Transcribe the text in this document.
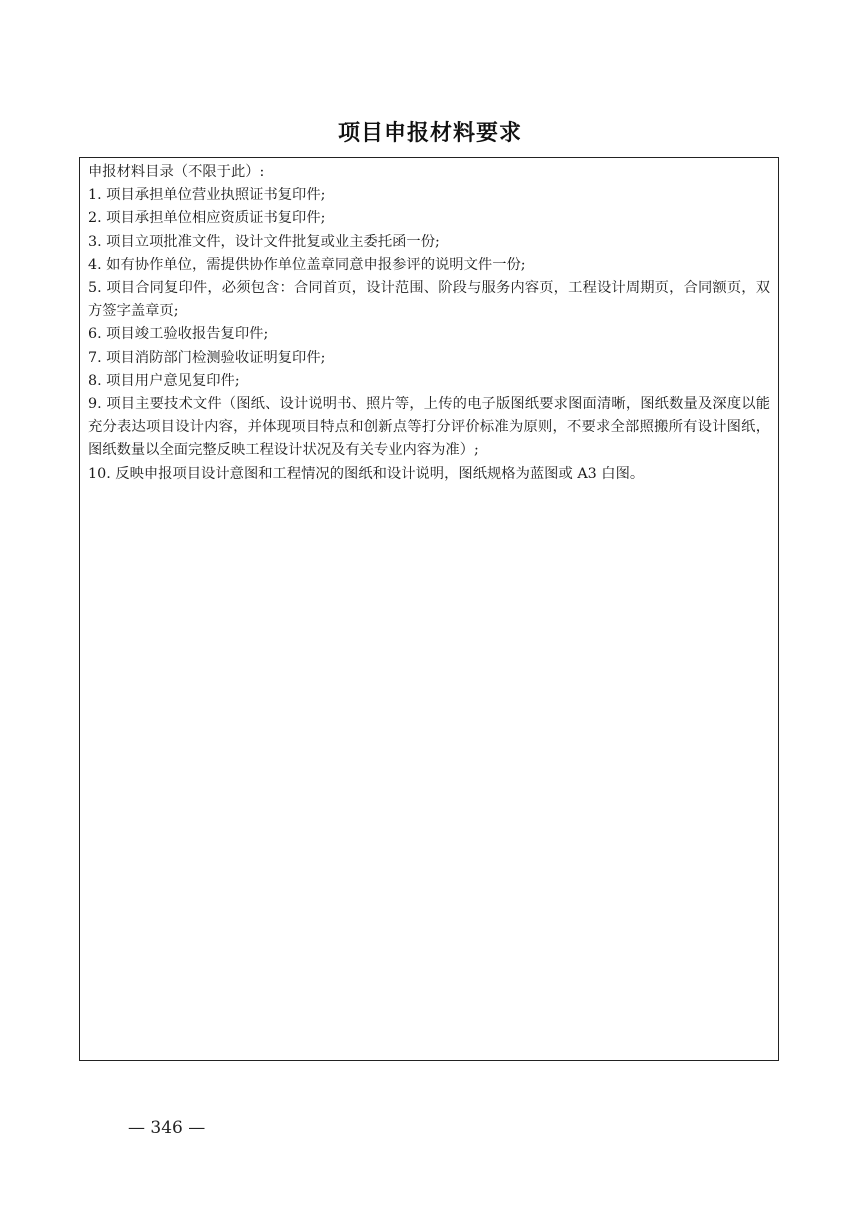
项目申报材料要求
申报材料目录（不限于此）:
1. 项目承担单位营业执照证书复印件;
2. 项目承担单位相应资质证书复印件;
3. 项目立项批准文件，设计文件批复或业主委托函一份;
4. 如有协作单位，需提供协作单位盖章同意申报参评的说明文件一份;
5. 项目合同复印件，必须包含：合同首页，设计范围、阶段与服务内容页，工程设计周期页，合同额页，双方签字盖章页;
6. 项目竣工验收报告复印件;
7. 项目消防部门检测验收证明复印件;
8. 项目用户意见复印件;
9. 项目主要技术文件（图纸、设计说明书、照片等，上传的电子版图纸要求图面清晰，图纸数量及深度以能充分表达项目设计内容，并体现项目特点和创新点等打分评价标准为原则，不要求全部照搬所有设计图纸，图纸数量以全面完整反映工程设计状况及有关专业内容为准）;
10. 反映申报项目设计意图和工程情况的图纸和设计说明，图纸规格为蓝图或 A3 白图。
— 346 —
